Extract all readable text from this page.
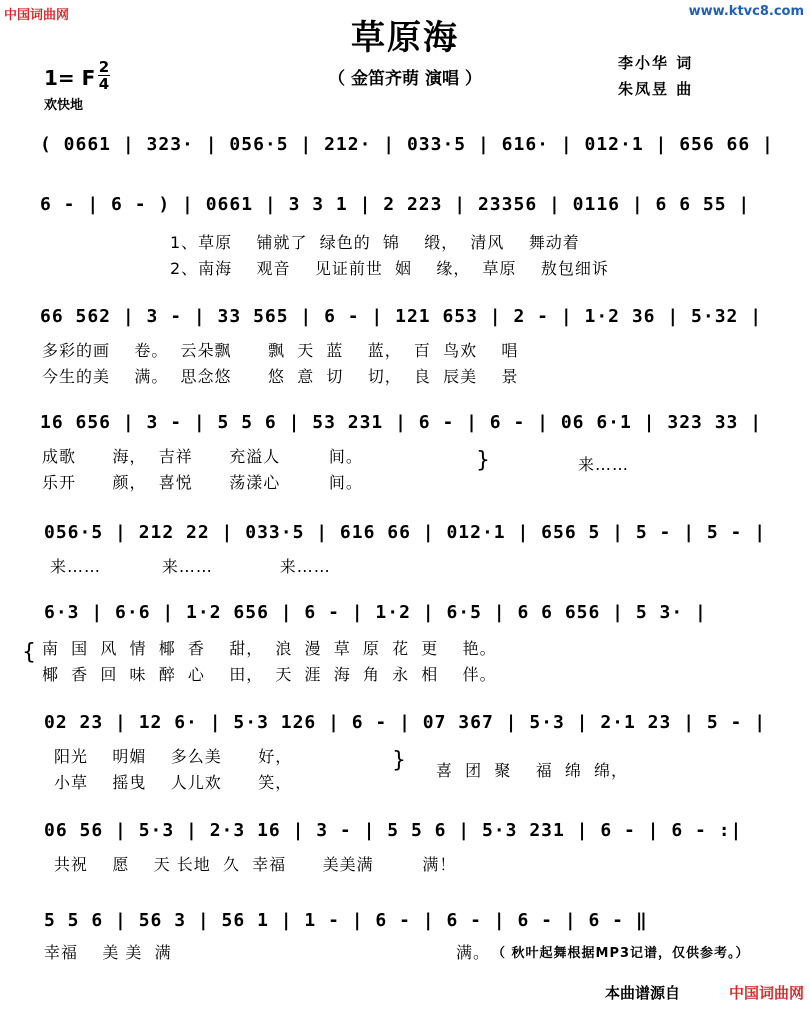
中国词曲网	www.ktvc8.com
草原海
（ 金笛齐萌 演唱 ）
1= F 2
4
欢快地
李小华 词
朱凤昱 曲
( 0661 | 323· | 056·5 | 212· | 033·5 | 616· | 012·1 | 656 66 |
6 - | 6 - ) | 0661 | 3 3 1 | 2 223 | 23356 | 0116 | 6 6 55 |
1、草原    铺就了  绿色的  锦    缎，  清风    舞动着
2、南海    观音    见证前世  姻    缘，  草原    敖包细诉
66 562 | 3 - | 33 565 | 6 - | 121 653 | 2 - | 1·2 36 | 5·32 |
多彩的画    卷。  云朵飘      飘  天  蓝    蓝，  百  鸟欢    唱
今生的美    满。  思念悠      悠  意  切    切，  良  辰美    景
16 656 | 3 - | 5 5 6 | 53 231 | 6 - | 6 - | 06 6·1 | 323 33 |
成歌      海，  吉祥      充溢人        间。
乐开      颜，  喜悦      荡漾心        间。
}	来……
056·5 | 212 22 | 033·5 | 616 66 | 012·1 | 656 5 | 5 - | 5 - |
来……          来……           来……
6·3 | 6·6 | 1·2 656 | 6 - | 1·2 | 6·5 | 6 6 656 | 5 3· |
{ 南  国  风  情  椰  香    甜，  浪  漫  草  原  花  更    艳。
椰  香  回  味  醉  心    田，  天  涯  海  角  永  相    伴。
02 23 | 12 6· | 5·3 126 | 6 - | 07 367 | 5·3 | 2·1 23 | 5 - |
阳光    明媚    多么美      好，
小草    摇曳    人儿欢      笑，
} 喜  团  聚    福  绵  绵，
06 56 | 5·3 | 2·3 16 | 3 - | 5 5 6 | 5·3 231 | 6 - | 6 - :|
共祝    愿    天 长地  久  幸福      美美满        满！
5 5 6 | 56 3 | 56 1 | 1 - | 6 - | 6 - | 6 - | 6 - ‖
幸福    美 美  满	满。 （ 秋叶起舞根据MP3记谱，仅供参考。）
本曲谱源自	中国词曲网
